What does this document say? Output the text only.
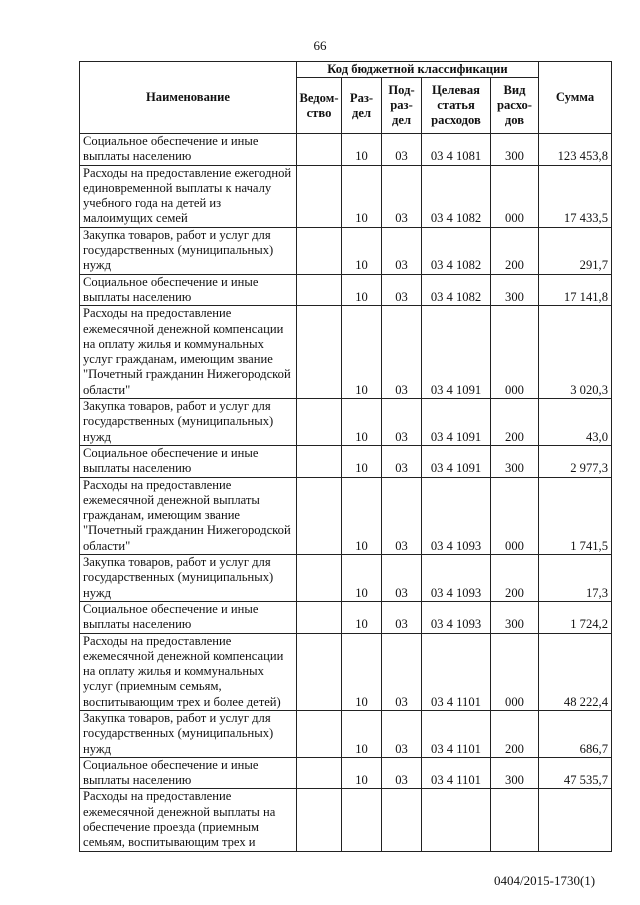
66
Наименование	Код бюджетной классификации					Сумма
	Ведом-ство	Раз-дел	Под-раз-дел	Целевая статья расходов	Вид расхо-дов	
Социальное обеспечение и иные выплаты населению		10	03	03 4 1081	300	123 453,8
Расходы на предоставление ежегодной единовременной выплаты к началу учебного года на детей из малоимущих семей		10	03	03 4 1082	000	17 433,5
Закупка товаров, работ и услуг для государственных (муниципальных) нужд		10	03	03 4 1082	200	291,7
Социальное обеспечение и иные выплаты населению		10	03	03 4 1082	300	17 141,8
Расходы на предоставление ежемесячной денежной компенсации на оплату жилья и коммунальных услуг гражданам, имеющим звание "Почетный гражданин Нижегородской области"		10	03	03 4 1091	000	3 020,3
Закупка товаров, работ и услуг для государственных (муниципальных) нужд		10	03	03 4 1091	200	43,0
Социальное обеспечение и иные выплаты населению		10	03	03 4 1091	300	2 977,3
Расходы на предоставление ежемесячной денежной выплаты гражданам, имеющим звание "Почетный гражданин Нижегородской области"		10	03	03 4 1093	000	1 741,5
Закупка товаров, работ и услуг для государственных (муниципальных) нужд		10	03	03 4 1093	200	17,3
Социальное обеспечение и иные выплаты населению		10	03	03 4 1093	300	1 724,2
Расходы на предоставление ежемесячной денежной компенсации на оплату жилья и коммунальных услуг (приемным семьям, воспитывающим трех и более детей)		10	03	03 4 1101	000	48 222,4
Закупка товаров, работ и услуг для государственных (муниципальных) нужд		10	03	03 4 1101	200	686,7
Социальное обеспечение и иные выплаты населению		10	03	03 4 1101	300	47 535,7
Расходы на предоставление ежемесячной денежной выплаты на обеспечение проезда (приемным семьям, воспитывающим трех и						
0404/2015-1730(1)
